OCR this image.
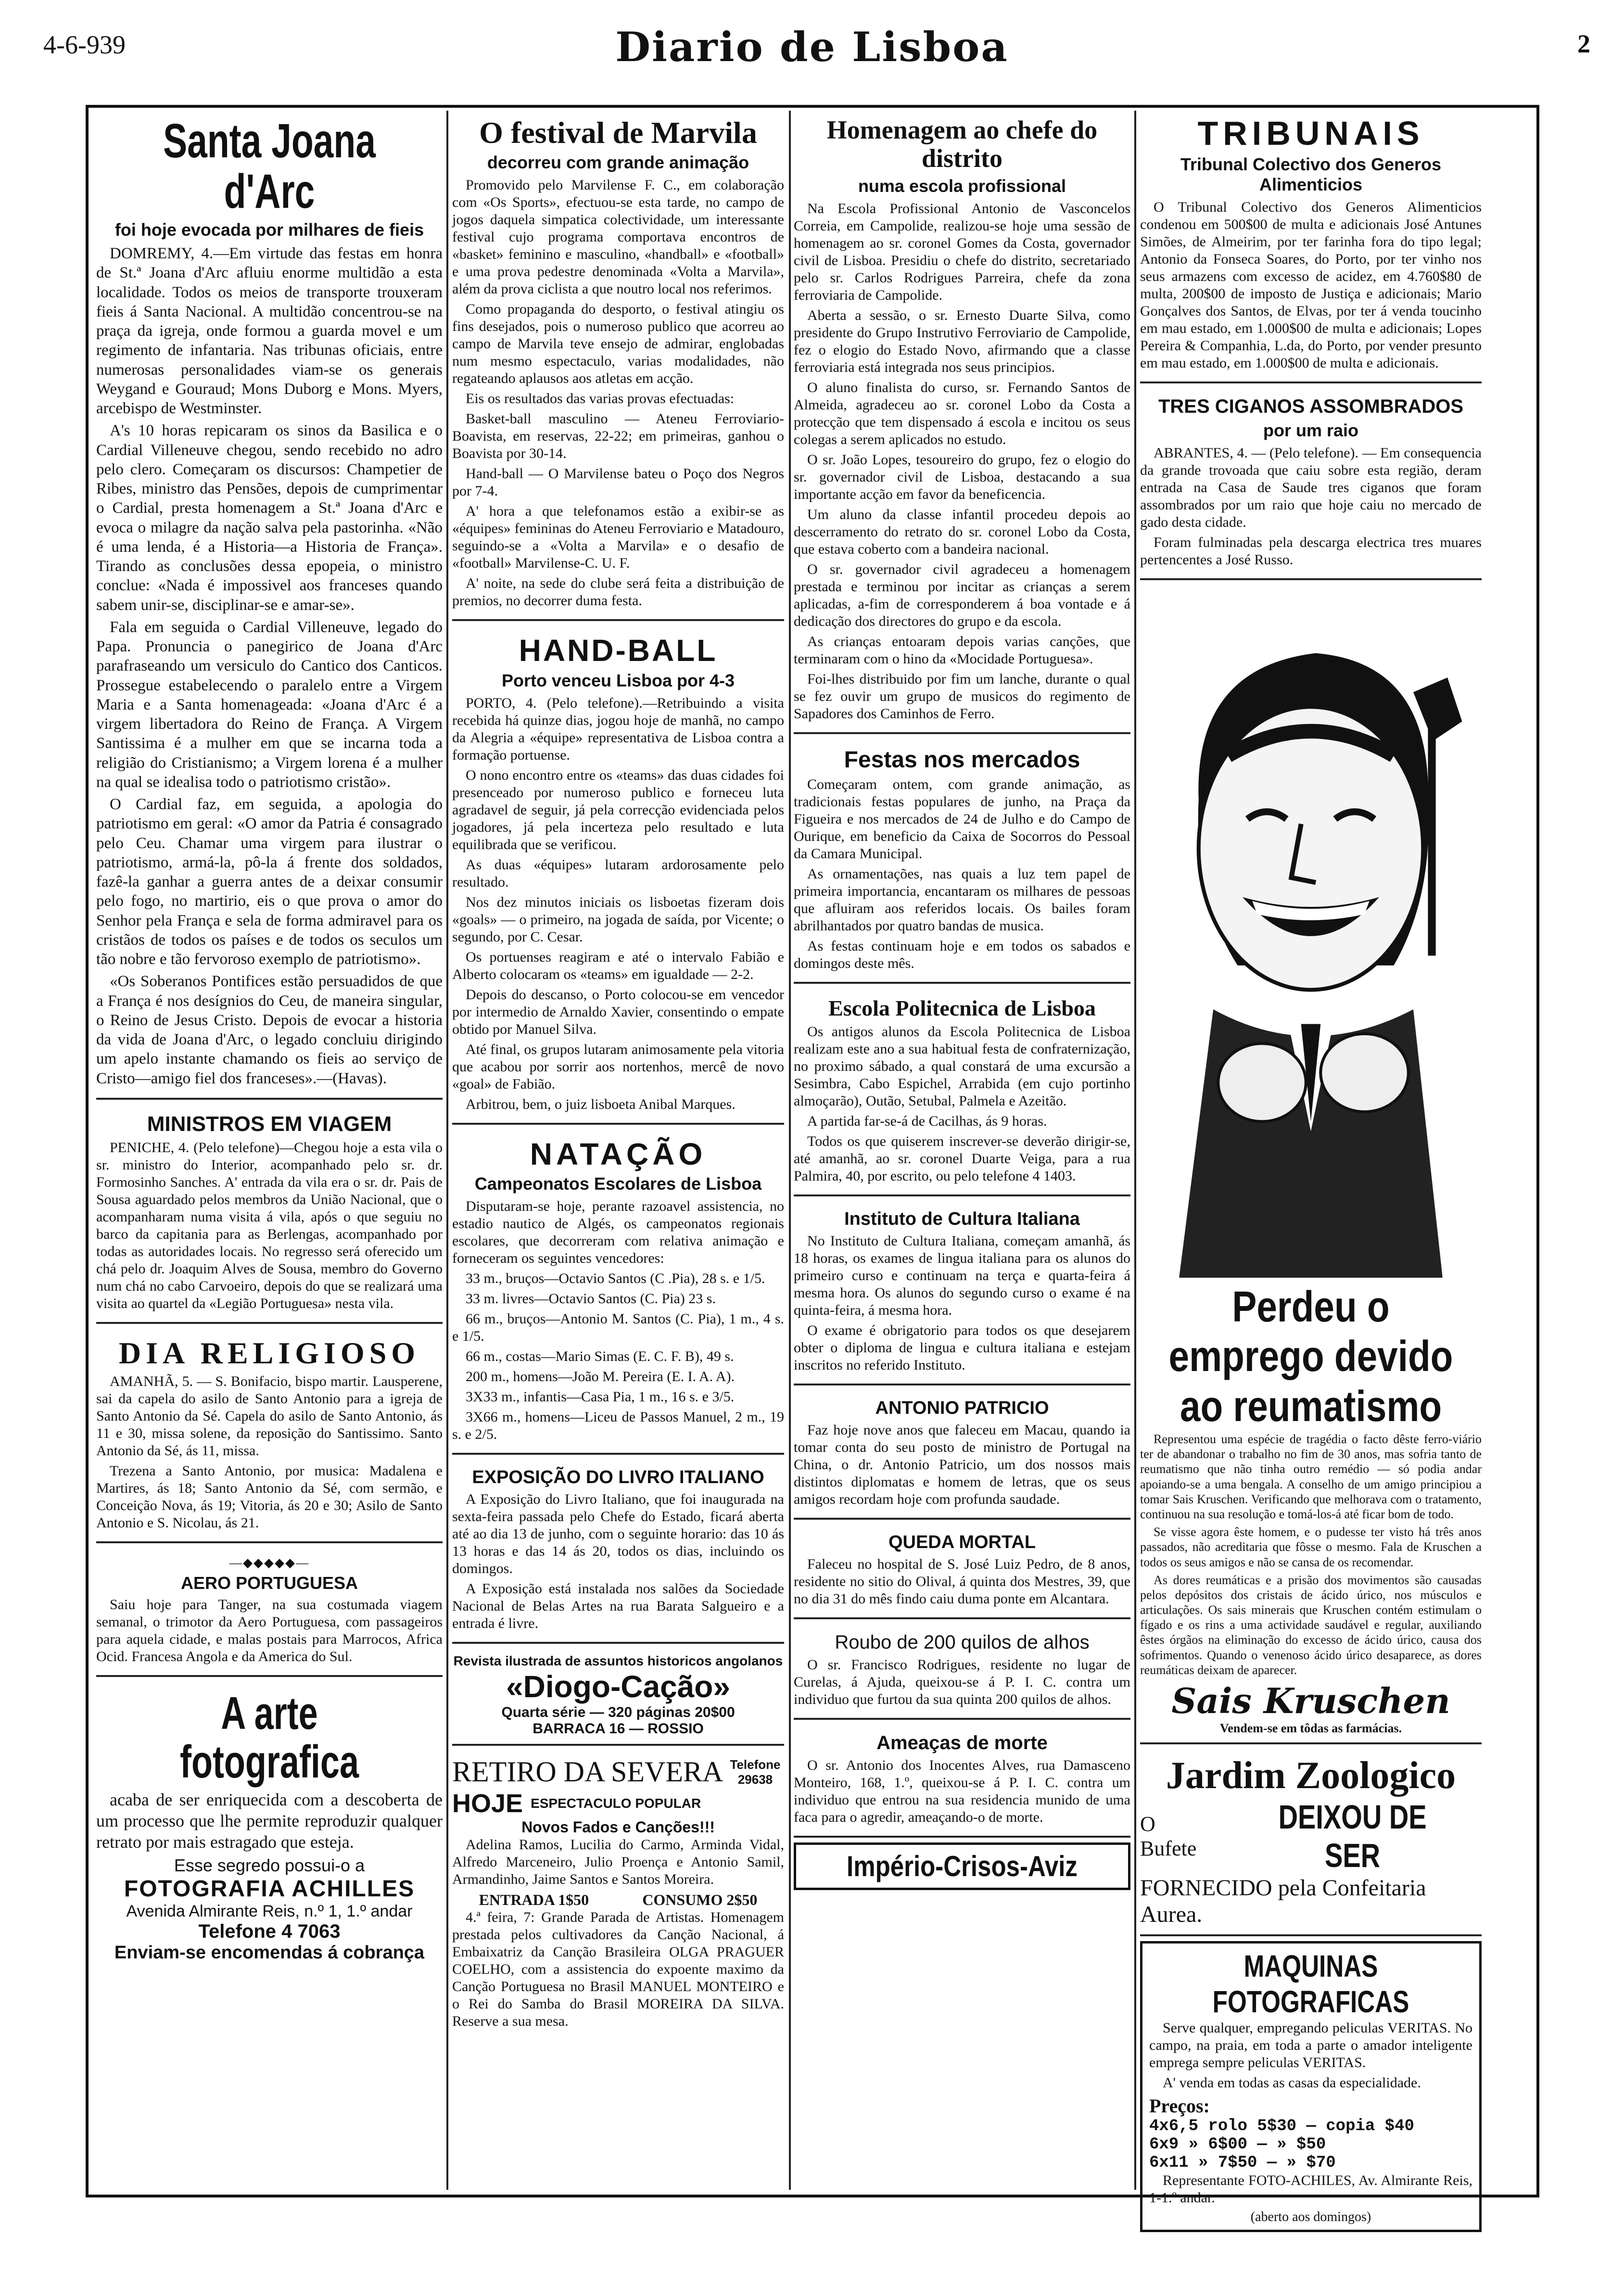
4-6-939	Diario de Lisboa	2
Santa Joana d'Arc
foi hoje evocada por milhares de fieis

DOMREMY, 4.—Em virtude das festas em honra de St.ª Joana d'Arc afluiu enorme multidão a esta localidade. Todos os meios de transporte trouxeram fieis á Santa Nacional. A multidão concentrou-se na praça da igreja, onde formou a guarda movel e um regimento de infantaria. Nas tribunas oficiais, entre numerosas personalidades viam-se os generais Weygand e Gouraud; Mons Duborg e Mons. Myers, arcebispo de Westminster.

A's 10 horas repicaram os sinos da Basilica e o Cardial Villeneuve chegou, sendo recebido no adro pelo clero. Começaram os discursos: Champetier de Ribes, ministro das Pensões, depois de cumprimentar o Cardial, presta homenagem a St.ª Joana d'Arc e evoca o milagre da nação salva pela pastorinha. «Não é uma lenda, é a Historia—a Historia de França». Tirando as conclusões dessa epopeia, o ministro conclue: «Nada é impossivel aos franceses quando sabem unir-se, disciplinar-se e amar-se».

Fala em seguida o Cardial Villeneuve, legado do Papa. Pronuncia o panegirico de Joana d'Arc parafraseando um versiculo do Cantico dos Canticos. Prossegue estabelecendo o paralelo entre a Virgem Maria e a Santa homenageada: «Joana d'Arc é a virgem libertadora do Reino de França. A Virgem Santissima é a mulher em que se incarna toda a religião do Cristianismo; a Virgem lorena é a mulher na qual se idealisa todo o patriotismo cristão».

O Cardial faz, em seguida, a apologia do patriotismo em geral: «O amor da Patria é consagrado pelo Ceu. Chamar uma virgem para ilustrar o patriotismo, armá-la, pô-la á frente dos soldados, fazê-la ganhar a guerra antes de a deixar consumir pelo fogo, no martirio, eis o que prova o amor do Senhor pela França e sela de forma admiravel para os cristãos de todos os países e de todos os seculos um tão nobre e tão fervoroso exemplo de patriotismo».

«Os Soberanos Pontifices estão persuadidos de que a França é nos desígnios do Ceu, de maneira singular, o Reino de Jesus Cristo. Depois de evocar a historia da vida de Joana d'Arc, o legado concluiu dirigindo um apelo instante chamando os fieis ao serviço de Cristo—amigo fiel dos franceses».—(Havas).

MINISTROS EM VIAGEM

PENICHE, 4. (Pelo telefone)—Chegou hoje a esta vila o sr. ministro do Interior, acompanhado pelo sr. dr. Formosinho Sanches. A' entrada da vila era o sr. dr. Pais de Sousa aguardado pelos membros da União Nacional, que o acompanharam numa visita á vila, após o que seguiu no barco da capitania para as Berlengas, acompanhado por todas as autoridades locais. No regresso será oferecido um chá pelo dr. Joaquim Alves de Sousa, membro do Governo num chá no cabo Carvoeiro, depois do que se realizará uma visita ao quartel da «Legião Portuguesa» nesta vila.

DIA RELIGIOSO

AMANHÃ, 5. — S. Bonifacio, bispo martir. Lausperene, sai da capela do asilo de Santo Antonio para a igreja de Santo Antonio da Sé. Capela do asilo de Santo Antonio, ás 11 e 30, missa solene, da reposição do Santissimo. Santo Antonio da Sé, ás 11, missa.

Trezena a Santo Antonio, por musica: Madalena e Martires, ás 18; Santo Antonio da Sé, com sermão, e Conceição Nova, ás 19; Vitoria, ás 20 e 30; Asilo de Santo Antonio e S. Nicolau, ás 21.

—◆◆◆◆◆—
AERO PORTUGUESA

Saiu hoje para Tanger, na sua costumada viagem semanal, o trimotor da Aero Portuguesa, com passageiros para aquela cidade, e malas postais para Marrocos, Africa Ocid. Francesa Angola e da America do Sul.

A arte fotografica

acaba de ser enriquecida com a descoberta de um processo que lhe permite reproduzir qualquer retrato por mais estragado que esteja.

Esse segredo possui-o a
FOTOGRAFIA ACHILLES
Avenida Almirante Reis, n.º 1, 1.º andar
Telefone 4 7063
Enviam-se encomendas á cobrança
O festival de Marvila
decorreu com grande animação

Promovido pelo Marvilense F. C., em colaboração com «Os Sports», efectuou-se esta tarde, no campo de jogos daquela simpatica colectividade, um interessante festival cujo programa comportava encontros de «basket» feminino e masculino, «handball» e «football» e uma prova pedestre denominada «Volta a Marvila», além da prova ciclista a que noutro local nos referimos.

Como propaganda do desporto, o festival atingiu os fins desejados, pois o numeroso publico que acorreu ao campo de Marvila teve ensejo de admirar, englobadas num mesmo espectaculo, varias modalidades, não regateando aplausos aos atletas em acção.

Eis os resultados das varias provas efectuadas:

Basket-ball masculino — Ateneu Ferroviario-Boavista, em reservas, 22-22; em primeiras, ganhou o Boavista por 30-14.

Hand-ball — O Marvilense bateu o Poço dos Negros por 7-4.

A' hora a que telefonamos estão a exibir-se as «équipes» femininas do Ateneu Ferroviario e Matadouro, seguindo-se a «Volta a Marvila» e o desafio de «football» Marvilense-C. U. F.

A' noite, na sede do clube será feita a distribuição de premios, no decorrer duma festa.

HAND-BALL
Porto venceu Lisboa por 4-3

PORTO, 4. (Pelo telefone).—Retribuindo a visita recebida há quinze dias, jogou hoje de manhã, no campo da Alegria a «équipe» representativa de Lisboa contra a formação portuense.

O nono encontro entre os «teams» das duas cidades foi presenceado por numeroso publico e forneceu luta agradavel de seguir, já pela correcção evidenciada pelos jogadores, já pela incerteza pelo resultado e luta equilibrada que se verificou.

As duas «équipes» lutaram ardorosamente pelo resultado.

Nos dez minutos iniciais os lisboetas fizeram dois «goals» — o primeiro, na jogada de saída, por Vicente; o segundo, por C. Cesar.

Os portuenses reagiram e até o intervalo Fabião e Alberto colocaram os «teams» em igualdade — 2-2.

Depois do descanso, o Porto colocou-se em vencedor por intermedio de Arnaldo Xavier, consentindo o empate obtido por Manuel Silva.

Até final, os grupos lutaram animosamente pela vitoria que acabou por sorrir aos nortenhos, mercê de novo «goal» de Fabião.

Arbitrou, bem, o juiz lisboeta Anibal Marques.

NATAÇÃO
Campeonatos Escolares de Lisboa

Disputaram-se hoje, perante razoavel assistencia, no estadio nautico de Algés, os campeonatos regionais escolares, que decorreram com relativa animação e forneceram os seguintes vencedores:

33 m., bruços—Octavio Santos (C .Pia), 28 s. e 1/5.

33 m. livres—Octavio Santos (C. Pia) 23 s.

66 m., bruços—Antonio M. Santos (C. Pia), 1 m., 4 s. e 1/5.

66 m., costas—Mario Simas (E. C. F. B), 49 s.

200 m., homens—João M. Pereira (E. I. A. A).

3X33 m., infantis—Casa Pia, 1 m., 16 s. e 3/5.

3X66 m., homens—Liceu de Passos Manuel, 2 m., 19 s. e 2/5.

EXPOSIÇÃO DO LIVRO ITALIANO

A Exposição do Livro Italiano, que foi inaugurada na sexta-feira passada pelo Chefe do Estado, ficará aberta até ao dia 13 de junho, com o seguinte horario: das 10 ás 13 horas e das 14 ás 20, todos os dias, incluindo os domingos.

A Exposição está instalada nos salões da Sociedade Nacional de Belas Artes na rua Barata Salgueiro e a entrada é livre.

Revista ilustrada de assuntos historicos angolanos
«Diogo-Cação»
Quarta série — 320 páginas 20$00
BARRACA 16 — ROSSIO
RETIRO DA SEVERA Telefone 29638
HOJE ESPECTACULO POPULAR
Novos Fados e Canções!!!

Adelina Ramos, Lucilia do Carmo, Arminda Vidal, Alfredo Marceneiro, Julio Proença e Antonio Samil, Armandinho, Jaime Santos e Santos Moreira.

ENTRADA 1$50	CONSUMO 2$50

4.ª feira, 7: Grande Parada de Artistas. Homenagem prestada pelos cultivadores da Canção Nacional, á Embaixatriz da Canção Brasileira OLGA PRAGUER COELHO, com a assistencia do expoente maximo da Canção Portuguesa no Brasil MANUEL MONTEIRO e o Rei do Samba do Brasil MOREIRA DA SILVA. Reserve a sua mesa.

Homenagem ao chefe do distrito
numa escola profissional

Na Escola Profissional Antonio de Vasconcelos Correia, em Campolide, realizou-se hoje uma sessão de homenagem ao sr. coronel Gomes da Costa, governador civil de Lisboa. Presidiu o chefe do distrito, secretariado pelo sr. Carlos Rodrigues Parreira, chefe da zona ferroviaria de Campolide.

Aberta a sessão, o sr. Ernesto Duarte Silva, como presidente do Grupo Instrutivo Ferroviario de Campolide, fez o elogio do Estado Novo, afirmando que a classe ferroviaria está integrada nos seus principios.

O aluno finalista do curso, sr. Fernando Santos de Almeida, agradeceu ao sr. coronel Lobo da Costa a protecção que tem dispensado á escola e incitou os seus colegas a serem aplicados no estudo.

O sr. João Lopes, tesoureiro do grupo, fez o elogio do sr. governador civil de Lisboa, destacando a sua importante acção em favor da beneficencia.

Um aluno da classe infantil procedeu depois ao descerramento do retrato do sr. coronel Lobo da Costa, que estava coberto com a bandeira nacional.

O sr. governador civil agradeceu a homenagem prestada e terminou por incitar as crianças a serem aplicadas, a-fim de corresponderem á boa vontade e á dedicação dos directores do grupo e da escola.

As crianças entoaram depois varias canções, que terminaram com o hino da «Mocidade Portuguesa».

Foi-lhes distribuido por fim um lanche, durante o qual se fez ouvir um grupo de musicos do regimento de Sapadores dos Caminhos de Ferro.

Festas nos mercados

Começaram ontem, com grande animação, as tradicionais festas populares de junho, na Praça da Figueira e nos mercados de 24 de Julho e do Campo de Ourique, em beneficio da Caixa de Socorros do Pessoal da Camara Municipal.

As ornamentações, nas quais a luz tem papel de primeira importancia, encantaram os milhares de pessoas que afluiram aos referidos locais. Os bailes foram abrilhantados por quatro bandas de musica.

As festas continuam hoje e em todos os sabados e domingos deste mês.

Escola Politecnica de Lisboa

Os antigos alunos da Escola Politecnica de Lisboa realizam este ano a sua habitual festa de confraternização, no proximo sábado, a qual constará de uma excursão a Sesimbra, Cabo Espichel, Arrabida (em cujo portinho almoçarão), Outão, Setubal, Palmela e Azeitão.

A partida far-se-á de Cacilhas, ás 9 horas.

Todos os que quiserem inscrever-se deverão dirigir-se, até amanhã, ao sr. coronel Duarte Veiga, para a rua Palmira, 40, por escrito, ou pelo telefone 4 1403.

Instituto de Cultura Italiana

No Instituto de Cultura Italiana, começam amanhã, ás 18 horas, os exames de lingua italiana para os alunos do primeiro curso e continuam na terça e quarta-feira á mesma hora. Os alunos do segundo curso o exame é na quinta-feira, á mesma hora.

O exame é obrigatorio para todos os que desejarem obter o diploma de lingua e cultura italiana e estejam inscritos no referido Instituto.

ANTONIO PATRICIO

Faz hoje nove anos que faleceu em Macau, quando ia tomar conta do seu posto de ministro de Portugal na China, o dr. Antonio Patricio, um dos nossos mais distintos diplomatas e homem de letras, que os seus amigos recordam hoje com profunda saudade.

QUEDA MORTAL

Faleceu no hospital de S. José Luiz Pedro, de 8 anos, residente no sitio do Olival, á quinta dos Mestres, 39, que no dia 31 do mês findo caiu duma ponte em Alcantara.

Roubo de 200 quilos de alhos

O sr. Francisco Rodrigues, residente no lugar de Curelas, á Ajuda, queixou-se á P. I. C. contra um individuo que furtou da sua quinta 200 quilos de alhos.

Ameaças de morte

O sr. Antonio dos Inocentes Alves, rua Damasceno Monteiro, 168, 1.º, queixou-se á P. I. C. contra um individuo que entrou na sua residencia munido de uma faca para o agredir, ameaçando-o de morte.

Império-Crisos-Aviz
TRIBUNAIS
Tribunal Colectivo dos Generos Alimenticios

O Tribunal Colectivo dos Generos Alimenticios condenou em 500$00 de multa e adicionais José Antunes Simões, de Almeirim, por ter farinha fora do tipo legal; Antonio da Fonseca Soares, do Porto, por ter vinho nos seus armazens com excesso de acidez, em 4.760$80 de multa, 200$00 de imposto de Justiça e adicionais; Mario Gonçalves dos Santos, de Elvas, por ter á venda toucinho em mau estado, em 1.000$00 de multa e adicionais; Lopes Pereira & Companhia, L.da, do Porto, por vender presunto em mau estado, em 1.000$00 de multa e adicionais.

TRES CIGANOS ASSOMBRADOS
por um raio

ABRANTES, 4. — (Pelo telefone). — Em consequencia da grande trovoada que caiu sobre esta região, deram entrada na Casa de Saude tres ciganos que foram assombrados por um raio que hoje caiu no mercado de gado desta cidade.

Foram fulminadas pela descarga electrica tres muares pertencentes a José Russo.

Perdeu o emprego devido ao reumatismo

Representou uma espécie de tragédia o facto dêste ferro-viário ter de abandonar o trabalho no fim de 30 anos, mas sofria tanto de reumatismo que não tinha outro remédio — só podia andar apoiando-se a uma bengala. A conselho de um amigo principiou a tomar Sais Kruschen. Verificando que melhorava com o tratamento, continuou na sua resolução e tomá-los-á até ficar bom de todo.

Se visse agora êste homem, e o pudesse ter visto há três anos passados, não acreditaria que fôsse o mesmo. Fala de Kruschen a todos os seus amigos e não se cansa de os recomendar.

As dores reumáticas e a prisão dos movimentos são causadas pelos depósitos dos cristais de ácido úrico, nos músculos e articulações. Os sais minerais que Kruschen contém estimulam o fígado e os rins a uma actividade saudável e regular, auxiliando êstes órgãos na eliminação do excesso de ácido úrico, causa dos sofrimentos. Quando o venenoso ácido úrico desaparece, as dores reumáticas deixam de aparecer.

Sais Kruschen
Vendem-se em tôdas as farmácias.
Jardim Zoologico
O Bufete
DEIXOU DE SER
FORNECIDO pela Confeitaria Aurea.
MAQUINAS FOTOGRAFICAS

Serve qualquer, empregando peliculas VERITAS. No campo, na praia, em toda a parte o amador inteligente emprega sempre peliculas VERITAS.

A' venda em todas as casas da especialidade.

Preços:
4x6,5 rolo 5$30 — copia $40
6x9 » 6$00 — » $50
6x11 » 7$50 — » $70

Representante FOTO-ACHILES, Av. Almirante Reis, 1-1.º andar.

(aberto aos domingos)
